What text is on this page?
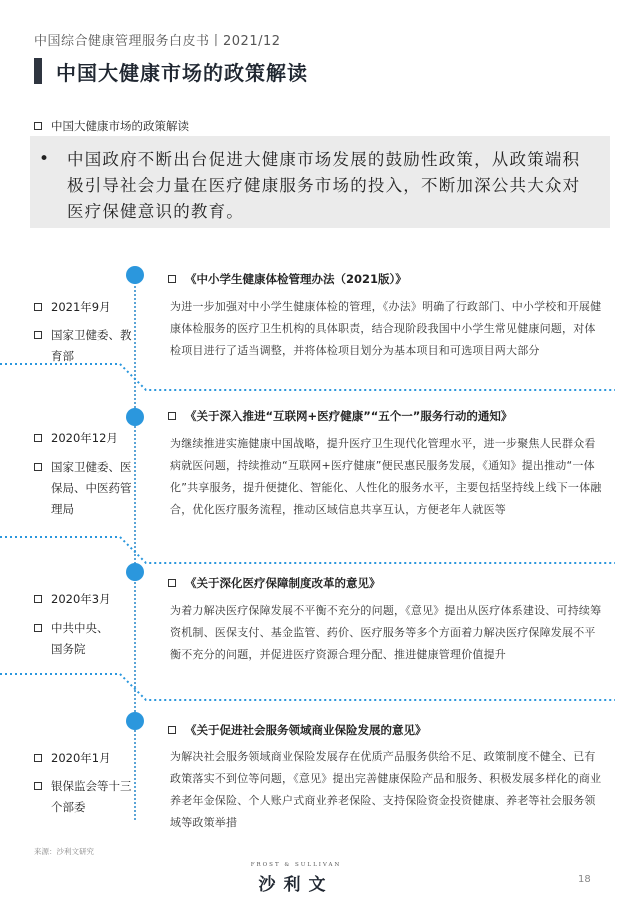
中国综合健康管理服务白皮书丨2021/12
中国大健康市场的政策解读
中国大健康市场的政策解读
• 中国政府不断出台促进大健康市场发展的鼓励性政策，从政策端积极引导社会力量在医疗健康服务市场的投入，不断加深公共大众对医疗保健意识的教育。
2021年9月
国家卫健委、教育部
《中小学生健康体检管理办法（2021版）》
为进一步加强对中小学生健康体检的管理，《办法》明确了行政部门、中小学校和开展健康体检服务的医疗卫生机构的具体职责，结合现阶段我国中小学生常见健康问题，对体检项目进行了适当调整，并将体检项目划分为基本项目和可选项目两大部分
2020年12月
国家卫健委、医保局、中医药管理局
《关于深入推进“互联网+医疗健康”“五个一”服务行动的通知》
为继续推进实施健康中国战略，提升医疗卫生现代化管理水平，进一步聚焦人民群众看病就医问题，持续推动“互联网+医疗健康”便民惠民服务发展，《通知》提出推动“一体化”共享服务，提升便捷化、智能化、人性化的服务水平，主要包括坚持线上线下一体融合，优化医疗服务流程，推动区域信息共享互认，方便老年人就医等
2020年3月
中共中央、国务院
《关于深化医疗保障制度改革的意见》
为着力解决医疗保障发展不平衡不充分的问题，《意见》提出从医疗体系建设、可持续筹资机制、医保支付、基金监管、药价、医疗服务等多个方面着力解决医疗保障发展不平衡不充分的问题，并促进医疗资源合理分配、推进健康管理价值提升
2020年1月
银保监会等十三个部委
《关于促进社会服务领域商业保险发展的意见》
为解决社会服务领域商业保险发展存在优质产品服务供给不足、政策制度不健全、已有政策落实不到位等问题，《意见》提出完善健康保险产品和服务、积极发展多样化的商业养老年金保险、个人账户式商业养老保险、支持保险资金投资健康、养老等社会服务领域等政策举措
来源：沙利文研究
FROST & SULLIVAN
沙利文	18
